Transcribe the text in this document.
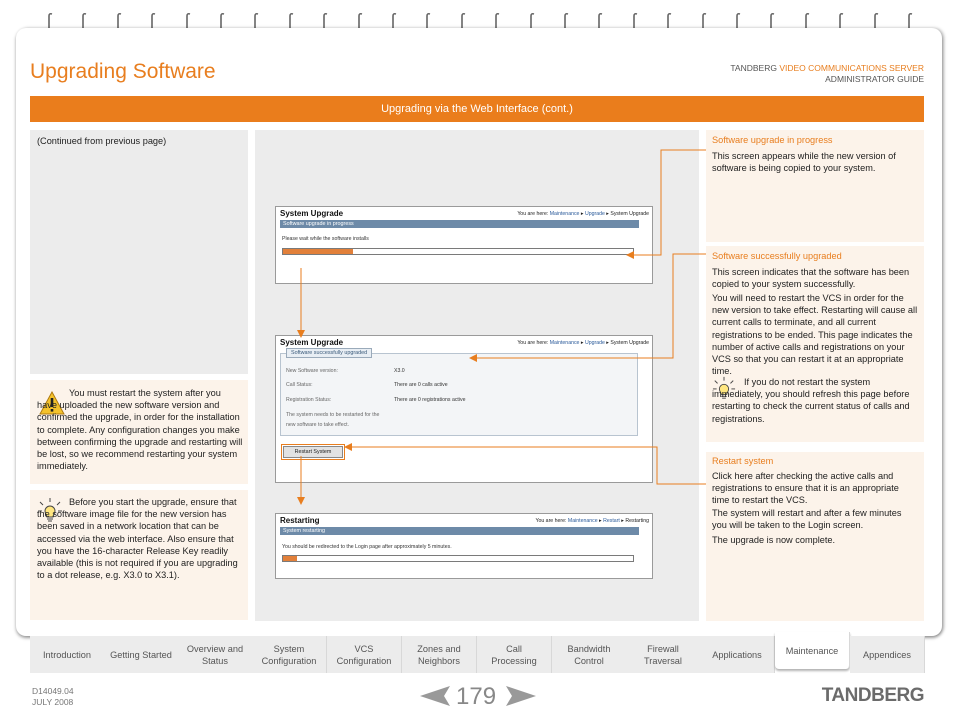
Upgrading Software	TANDBERG VIDEO COMMUNICATIONS SERVER
ADMINISTRATOR GUIDE
Upgrading via the Web Interface (cont.)
(Continued from previous page)
You must restart the system after you have uploaded the new software version and confirmed the upgrade, in order for the installation to complete. Any configuration changes you make between confirming the upgrade and restarting will be lost, so we recommend restarting your system immediately.
Before you start the upgrade, ensure that the software image file for the new version has been saved in a network location that can be accessed via the web interface. Also ensure that you have the 16-character Release Key readily available (this is not required if you are upgrading to a dot release, e.g. X3.0 to X3.1).
System Upgrade	You are here: Maintenance ▸ Upgrade ▸ System Upgrade
Software upgrade in progress
Please wait while the software installs
System Upgrade	You are here: Maintenance ▸ Upgrade ▸ System Upgrade
Software successfully upgraded
New Software version:	X3.0
Call Status:	There are 0 calls active
Registration Status:	There are 0 registrations active
The system needs to be restarted for the
new software to take effect.
Restart System
Restarting	You are here: Maintenance ▸ Restart ▸ Restarting
System restarting
You should be redirected to the Login page after approximately 5 minutes.
Software upgrade in progress
This screen appears while the new version of software is being copied to your system.
Software successfully upgraded
This screen indicates that the software has been copied to your system successfully.
You will need to restart the VCS in order for the new version to take effect. Restarting will cause all current calls to terminate, and all current registrations to be ended. This page indicates the number of active calls and registrations on your VCS so that you can restart it at an appropriate time.
If you do not restart the system immediately, you should refresh this page before restarting to check the current status of calls and registrations.
Restart system
Click here after checking the active calls and registrations to ensure that it is an appropriate time to restart the VCS.
The system will restart and after a few minutes you will be taken to the Login screen.
The upgrade is now complete.
Introduction Getting Started
Overview and
Status
System
Configuration
VCS
Configuration
Zones and
Neighbors
Call
Processing
Bandwidth
Control
Firewall
Traversal
Applications	Maintenance	Appendices
D14049.04
JULY 2008	179	TANDBERG
